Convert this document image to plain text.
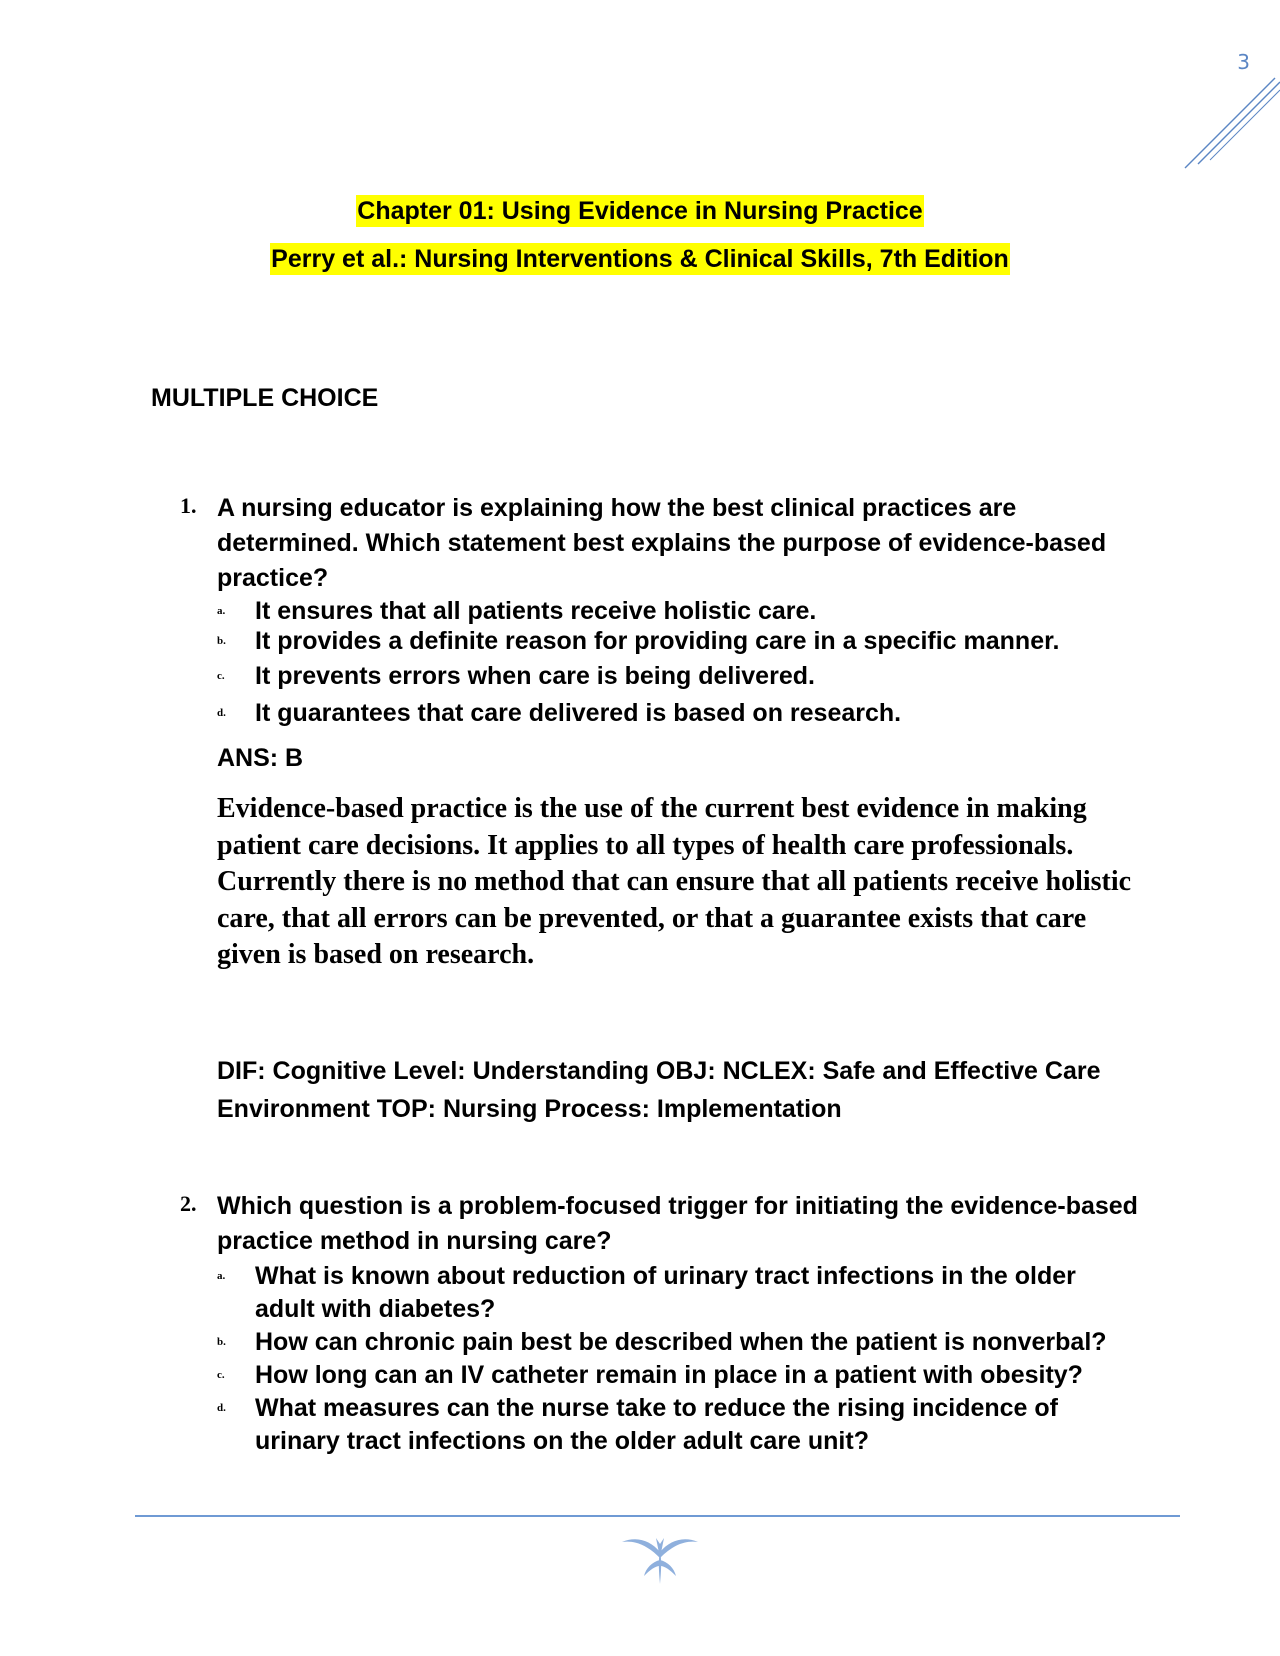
3
Chapter 01: Using Evidence in Nursing Practice
Perry et al.: Nursing Interventions & Clinical Skills, 7th Edition
MULTIPLE CHOICE
1. A nursing educator is explaining how the best clinical practices are determined. Which statement best explains the purpose of evidence-based practice?
a. It ensures that all patients receive holistic care.
b. It provides a definite reason for providing care in a specific manner.
c. It prevents errors when care is being delivered.
d. It guarantees that care delivered is based on research.
ANS: B
Evidence-based practice is the use of the current best evidence in making patient care decisions. It applies to all types of health care professionals. Currently there is no method that can ensure that all patients receive holistic care, that all errors can be prevented, or that a guarantee exists that care given is based on research.
DIF: Cognitive Level: Understanding OBJ: NCLEX: Safe and Effective Care
Environment TOP: Nursing Process: Implementation
2. Which question is a problem-focused trigger for initiating the evidence-based practice method in nursing care?
a. What is known about reduction of urinary tract infections in the older adult with diabetes?
b. How can chronic pain best be described when the patient is nonverbal?
c. How long can an IV catheter remain in place in a patient with obesity?
d. What measures can the nurse take to reduce the rising incidence of urinary tract infections on the older adult care unit?
